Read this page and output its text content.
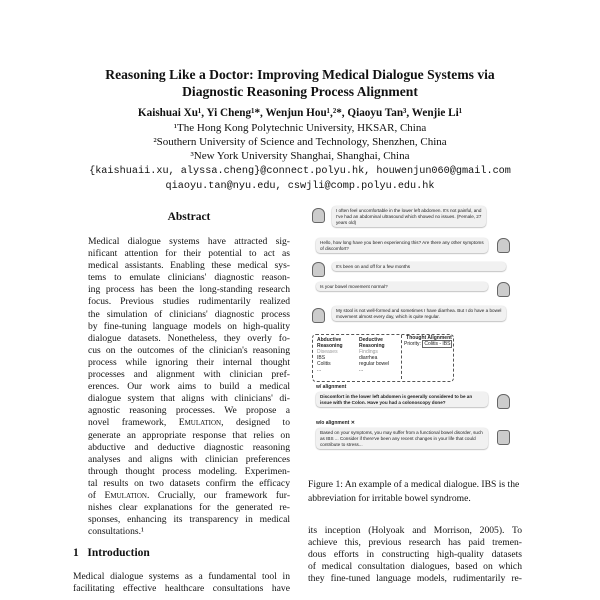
Reasoning Like a Doctor: Improving Medical Dialogue Systems via
Diagnostic Reasoning Process Alignment
Kaishuai Xu¹, Yi Cheng¹*, Wenjun Hou¹,²*, Qiaoyu Tan³, Wenjie Li¹
¹The Hong Kong Polytechnic University, HKSAR, China
²Southern University of Science and Technology, Shenzhen, China
³New York University Shanghai, Shanghai, China
{kaishuaii.xu, alyssa.cheng}@connect.polyu.hk, houwenjun060@gmail.com
qiaoyu.tan@nyu.edu, cswjli@comp.polyu.edu.hk
Abstract
Medical dialogue systems have attracted sig-
nificant attention for their potential to act as
medical assistants. Enabling these medical sys-
tems to emulate clinicians' diagnostic reason-
ing process has been the long-standing research
focus. Previous studies rudimentarily realized
the simulation of clinicians' diagnostic process
by fine-tuning language models on high-quality
dialogue datasets. Nonetheless, they overly fo-
cus on the outcomes of the clinician's reasoning
process while ignoring their internal thought
processes and alignment with clinician pref-
erences. Our work aims to build a medical
dialogue system that aligns with clinicians' di-
agnostic reasoning processes. We propose a
novel framework, Emulation, designed to
generate an appropriate response that relies on
abductive and deductive diagnostic reasoning
analyses and aligns with clinician preferences
through thought process modeling. Experimen-
tal results on two datasets confirm the efficacy
of Emulation. Crucially, our framework fur-
nishes clear explanations for the generated re-
sponses, enhancing its transparency in medical
consultations.¹
1 Introduction
Medical dialogue systems as a fundamental tool in
facilitating effective healthcare consultations have
I often feel uncomfortable in the lower left abdomen. It's not painful, and I've had an abdominal ultrasound which showed no issues. (Female, 27 years old)
Hello, how long have you been experiencing this? Are there any other symptoms of discomfort?
It's been on and off for a few months
Is your bowel movement normal?
My stool is not well-formed and sometimes I have diarrhea. But I do have a bowel movement almost every day, which is quite regular.
Abductive Reasoning
Diseases
IBS
Colitis
...
Deductive Reasoning
Findings
diarrhea
regular bowel
...
Thought Alignment
Priority: Colitis - IBS
w/ alignment
Discomfort in the lower left abdomen is generally considered to be an issue with the Colon. Have you had a colonoscopy done?
w/o alignment ✕
Based on your symptoms, you may suffer from a functional bowel disorder, such as IBS ... Consider if there've been any recent changes in your life that could contribute to stress...
Figure 1: An example of a medical dialogue. IBS is the
abbreviation for irritable bowel syndrome.
its inception (Holyoak and Morrison, 2005). To
achieve this, previous research has paid tremen-
dous efforts in constructing high-quality datasets
of medical consultation dialogues, based on which
they fine-tuned language models, rudimentarily re-
